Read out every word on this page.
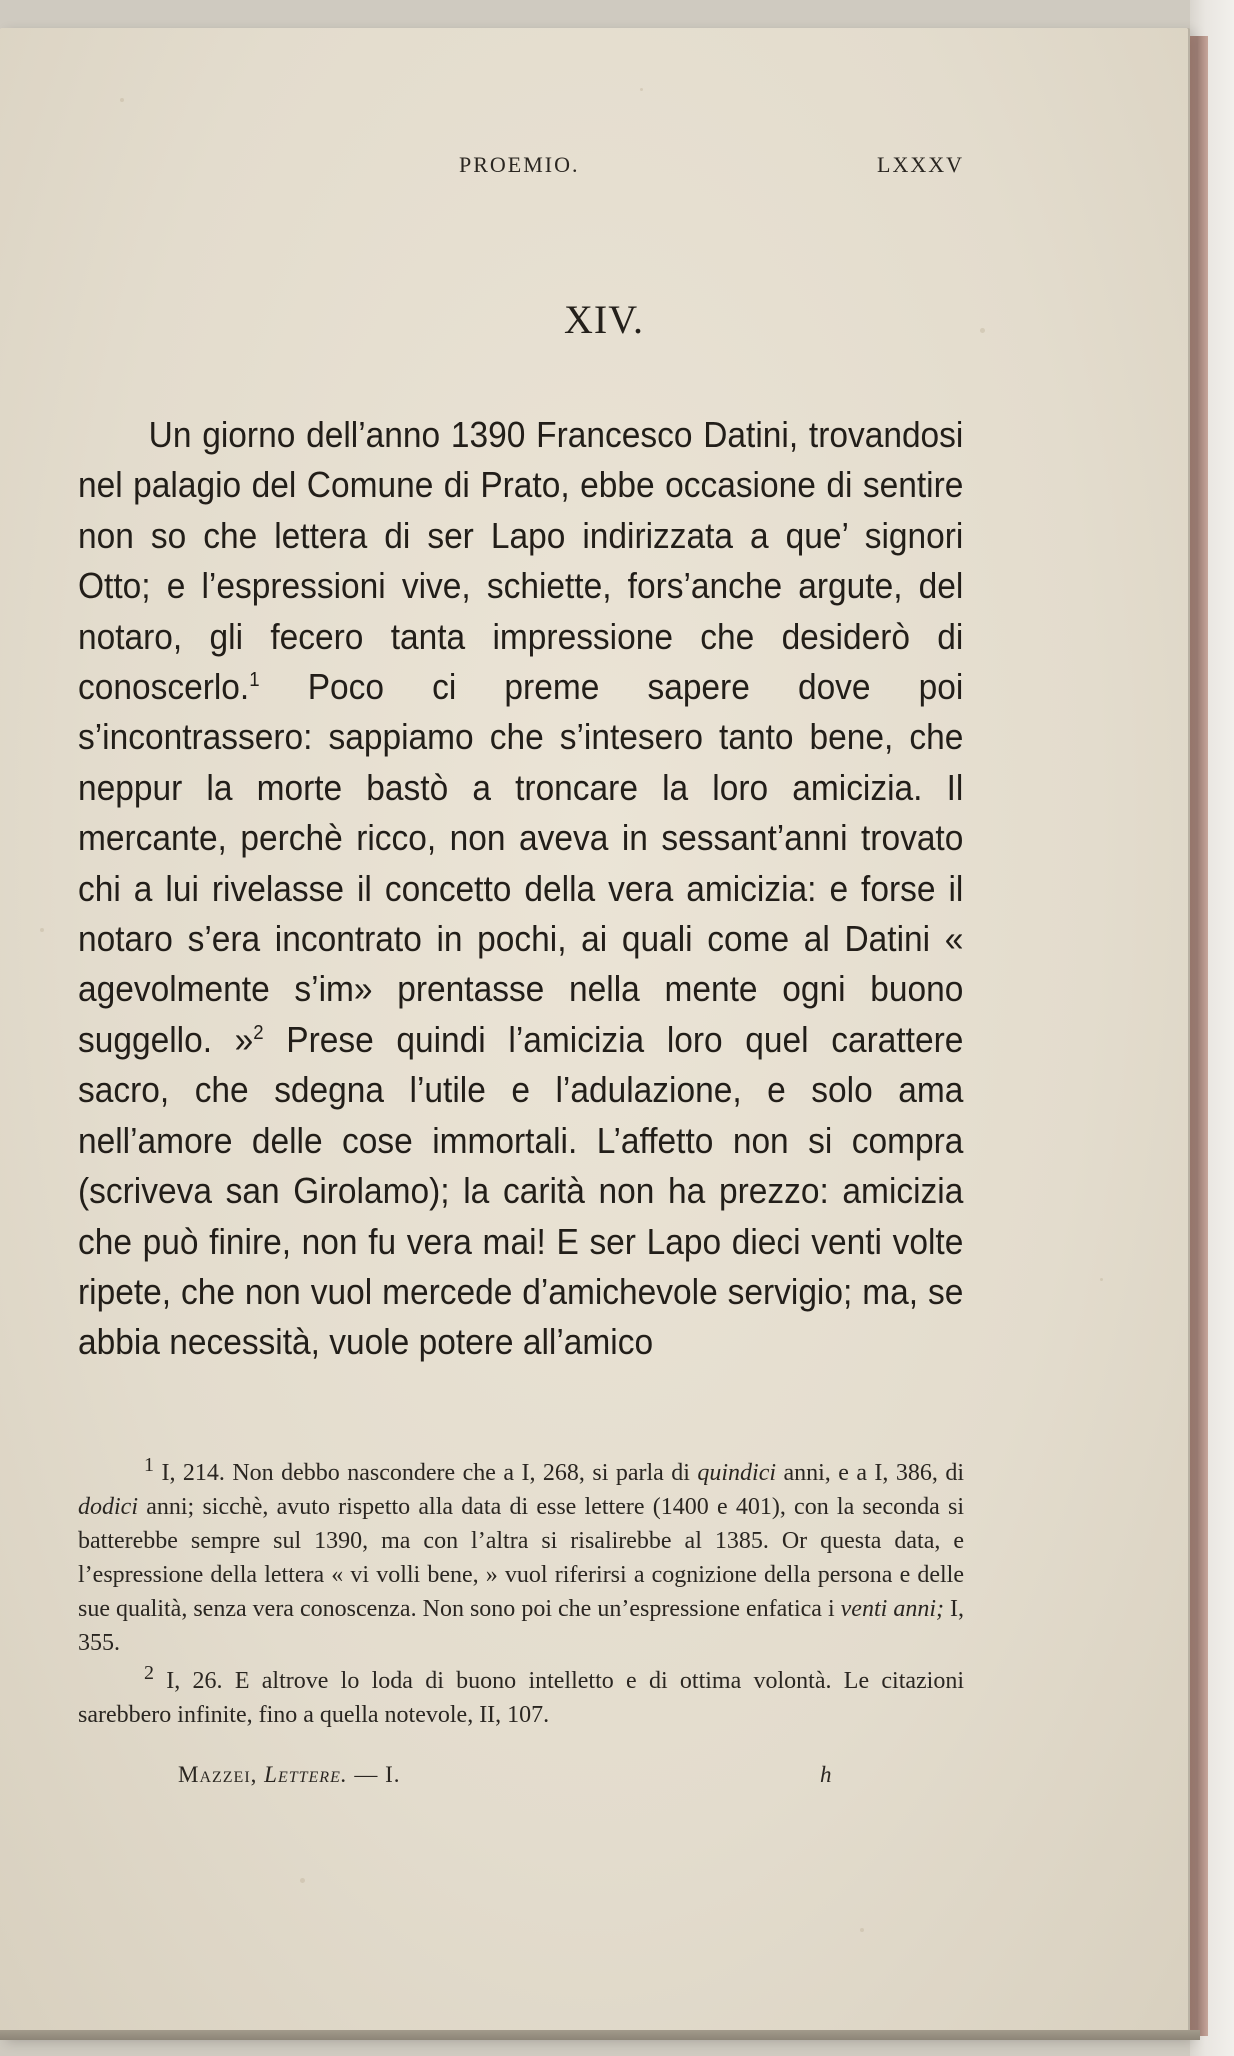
PROEMIO.	LXXXV
XIV.
Un giorno dell’anno 1390 Francesco Datini, trovandosi nel palagio del Comune di Prato, ebbe occasione di sentire non so che lettera di ser Lapo indirizzata a que’ signori Otto; e l’espressioni vive, schiette, fors’anche argute, del notaro, gli fecero tanta impressione che desiderò di conoscerlo.$^1$ Poco ci preme sapere dove poi s’incontrassero: sappiamo che s’intesero tanto bene, che neppur la morte bastò a troncare la loro amicizia. Il mercante, perchè ricco, non aveva in sessant’anni trovato chi a lui rivelasse il concetto della vera amicizia: e forse il notaro s’era incontrato in pochi, ai quali come al Datini « agevolmente s’im» prentasse nella mente ogni buono suggello. »$^2$ Prese quindi l’amicizia loro quel carattere sacro, che sdegna l’utile e l’adulazione, e solo ama nell’amore delle cose immortali. L’affetto non si compra (scriveva san Girolamo); la carità non ha prezzo: amicizia che può finire, non fu vera mai! E ser Lapo dieci venti volte ripete, che non vuol mercede d’amichevole servigio; ma, se abbia necessità, vuole potere all’amico

$^1$ I, 214. Non debbo nascondere che a I, 268, si parla di quindici anni, e a I, 386, di dodici anni; sicchè, avuto rispetto alla data di esse lettere (1400 e 401), con la seconda si batterebbe sempre sul 1390, ma con l’altra si risalirebbe al 1385. Or questa data, e l’espressione della lettera « vi volli bene, » vuol riferirsi a cognizione della persona e delle sue qualità, senza vera conoscenza. Non sono poi che un’espressione enfatica i venti anni; I, 355.

$^2$ I, 26. E altrove lo loda di buono intelletto e di ottima volontà. Le citazioni sarebbero infinite, fino a quella notevole, II, 107.

Mazzei, Lettere. — I.	h
